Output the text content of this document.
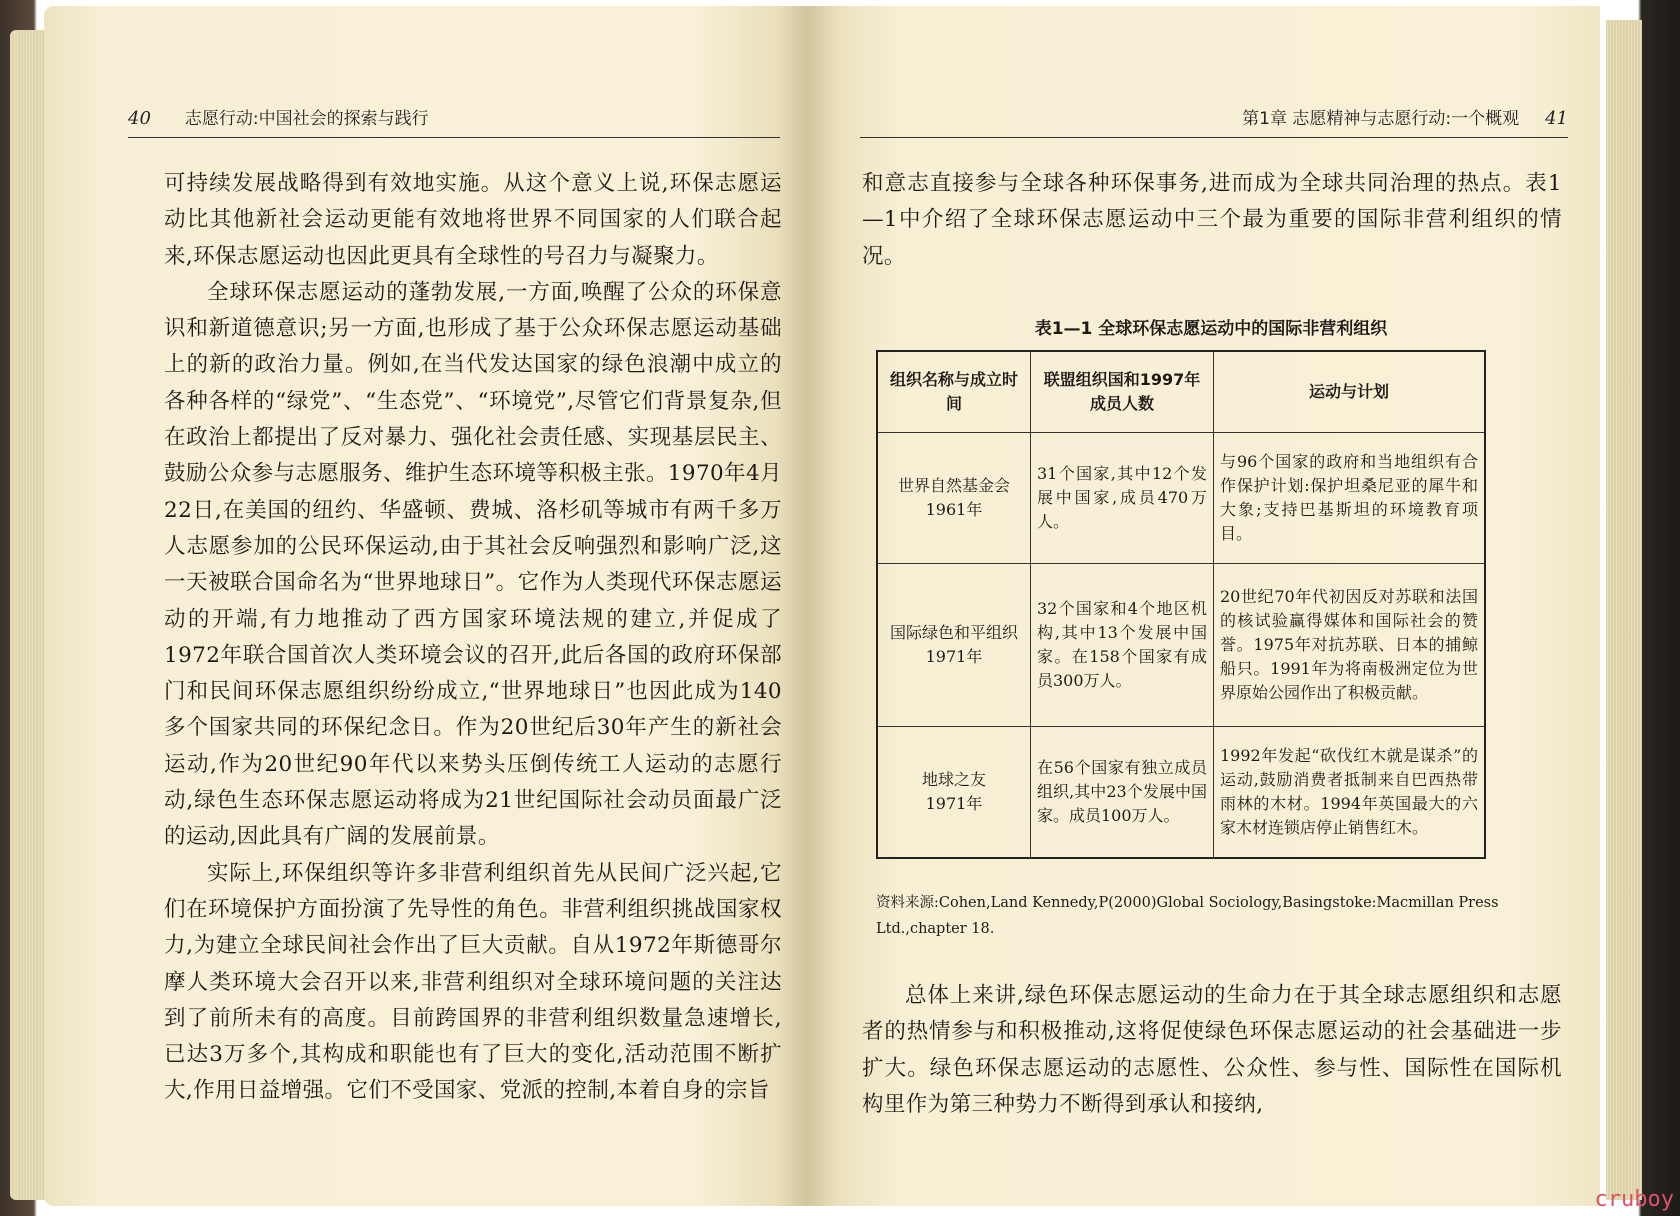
40 志愿行动:中国社会的探索与践行

可持续发展战略得到有效地实施。从这个意义上说,环保志愿运动比其他新社会运动更能有效地将世界不同国家的人们联合起来,环保志愿运动也因此更具有全球性的号召力与凝聚力。

全球环保志愿运动的蓬勃发展,一方面,唤醒了公众的环保意识和新道德意识;另一方面,也形成了基于公众环保志愿运动基础上的新的政治力量。例如,在当代发达国家的绿色浪潮中成立的各种各样的“绿党”、“生态党”、“环境党”,尽管它们背景复杂,但在政治上都提出了反对暴力、强化社会责任感、实现基层民主、鼓励公众参与志愿服务、维护生态环境等积极主张。1970年4月22日,在美国的纽约、华盛顿、费城、洛杉矶等城市有两千多万人志愿参加的公民环保运动,由于其社会反响强烈和影响广泛,这一天被联合国命名为“世界地球日”。它作为人类现代环保志愿运动的开端,有力地推动了西方国家环境法规的建立,并促成了1972年联合国首次人类环境会议的召开,此后各国的政府环保部门和民间环保志愿组织纷纷成立,“世界地球日”也因此成为140多个国家共同的环保纪念日。作为20世纪后30年产生的新社会运动,作为20世纪90年代以来势头压倒传统工人运动的志愿行动,绿色生态环保志愿运动将成为21世纪国际社会动员面最广泛的运动,因此具有广阔的发展前景。

实际上,环保组织等许多非营利组织首先从民间广泛兴起,它们在环境保护方面扮演了先导性的角色。非营利组织挑战国家权力,为建立全球民间社会作出了巨大贡献。自从1972年斯德哥尔摩人类环境大会召开以来,非营利组织对全球环境问题的关注达到了前所未有的高度。目前跨国界的非营利组织数量急速增长,已达3万多个,其构成和职能也有了巨大的变化,活动范围不断扩大,作用日益增强。它们不受国家、党派的控制,本着自身的宗旨

第1章 志愿精神与志愿行动:一个概观 41
和意志直接参与全球各种环保事务,进而成为全球共同治理的热点。表1—1中介绍了全球环保志愿运动中三个最为重要的国际非营利组织的情况。
表1—1 全球环保志愿运动中的国际非营利组织
组织名称与成立时间	联盟组织国和1997年成员人数	运动与计划
世界自然基金会
1961年	31个国家,其中12个发展中国家,成员470万人。	与96个国家的政府和当地组织有合作保护计划:保护坦桑尼亚的犀牛和大象;支持巴基斯坦的环境教育项目。
国际绿色和平组织
1971年	32个国家和4个地区机构,其中13个发展中国家。在158个国家有成员300万人。	20世纪70年代初因反对苏联和法国的核试验赢得媒体和国际社会的赞誉。1975年对抗苏联、日本的捕鲸船只。1991年为将南极洲定位为世界原始公园作出了积极贡献。
地球之友
1971年	在56个国家有独立成员组织,其中23个发展中国家。成员100万人。	1992年发起“砍伐红木就是谋杀”的运动,鼓励消费者抵制来自巴西热带雨林的木材。1994年英国最大的六家木材连锁店停止销售红木。
资料来源:Cohen,Land Kennedy,P(2000)Global Sociology,Basingstoke:Macmillan Press Ltd.,chapter 18.
总体上来讲,绿色环保志愿运动的生命力在于其全球志愿组织和志愿者的热情参与和积极推动,这将促使绿色环保志愿运动的社会基础进一步扩大。绿色环保志愿运动的志愿性、公众性、参与性、国际性在国际机构里作为第三种势力不断得到承认和接纳,
cruboy
